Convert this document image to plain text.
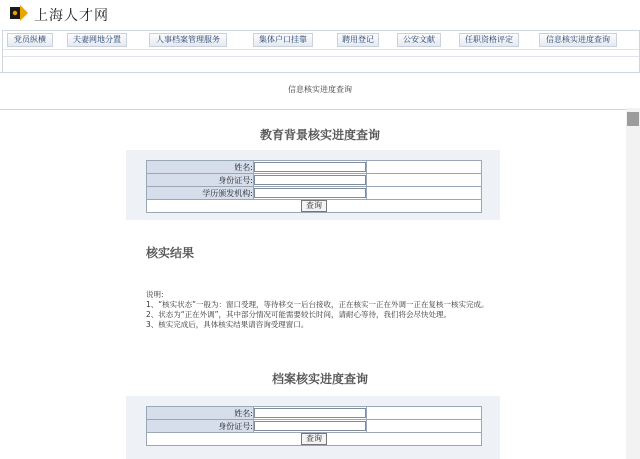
上海人才网
党员纵横	夫妻网地分置	人事档案管理服务	集体户口挂靠	聘用登记	公安文献	任职资格评定	信息核实进度查询
信息核实进度查询
教育背景核实进度查询
姓名:		
身份证号:		
学历颁发机构:		
查询		
核实结果

说明:

1、“核实状态”一般为：窗口受理，等待移交一后台接收，正在核实一正在外调一正在复核一核实完成。

2、状态为“正在外调”，其中部分情况可能需要较长时间，请耐心等待，我们将会尽快处理。

3、核实完成后，具体核实结果请咨询受理窗口。

档案核实进度查询
姓名:		
身份证号:		
查询		
